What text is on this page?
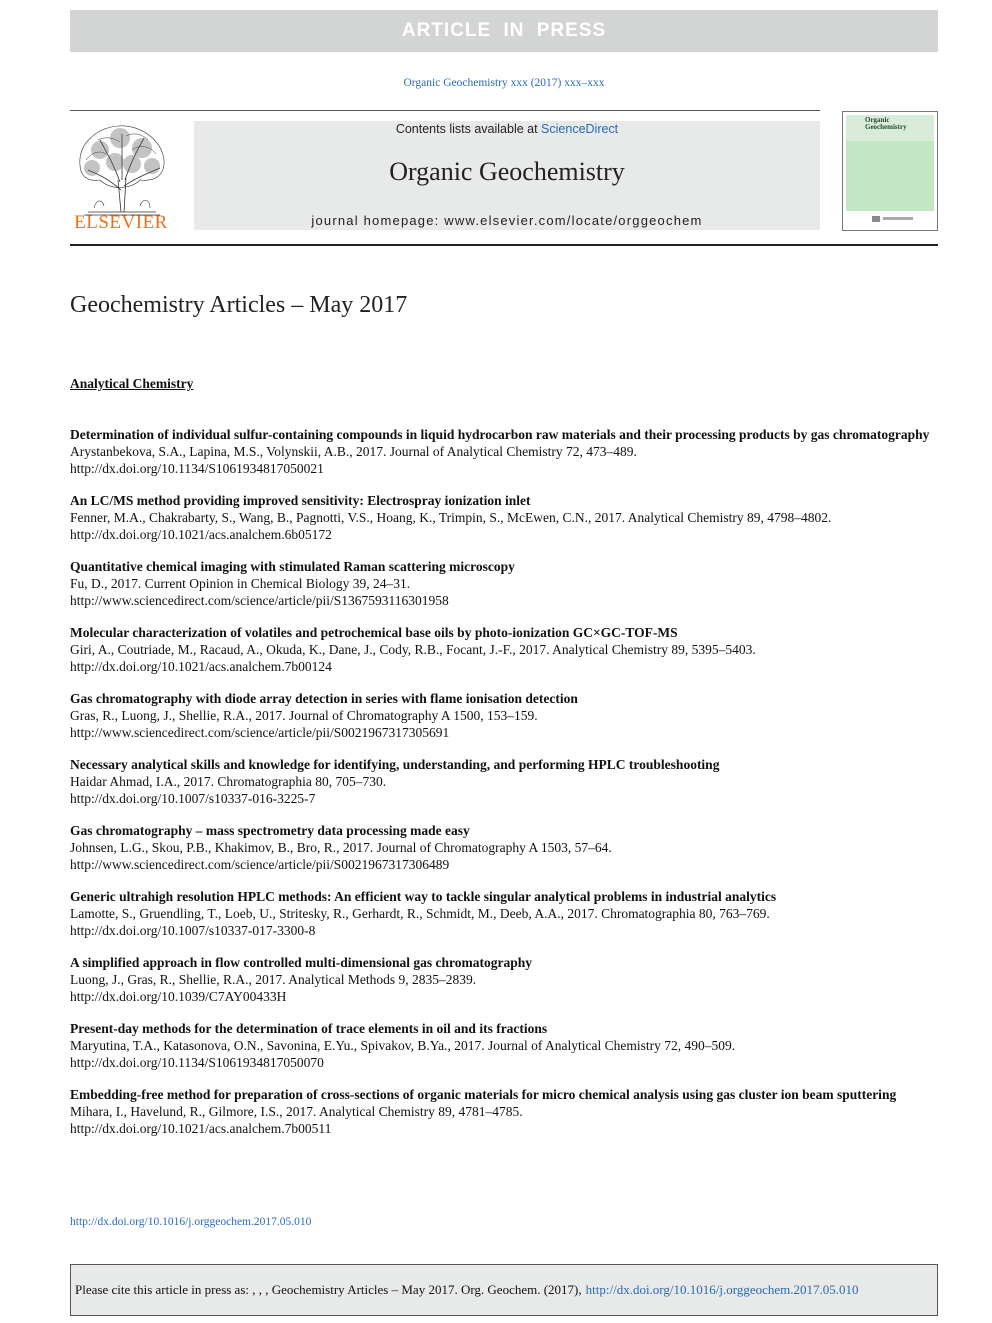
ARTICLE IN PRESS
Organic Geochemistry xxx (2017) xxx–xxx
ELSEVIER
Contents lists available at ScienceDirect
Organic Geochemistry
journal homepage: www.elsevier.com/locate/orggeochem
Organic
Geochemistry
Geochemistry Articles – May 2017
Analytical Chemistry
Determination of individual sulfur-containing compounds in liquid hydrocarbon raw materials and their processing products by gas chromatography
Arystanbekova, S.A., Lapina, M.S., Volynskii, A.B., 2017. Journal of Analytical Chemistry 72, 473–489.
http://dx.doi.org/10.1134/S1061934817050021
An LC/MS method providing improved sensitivity: Electrospray ionization inlet
Fenner, M.A., Chakrabarty, S., Wang, B., Pagnotti, V.S., Hoang, K., Trimpin, S., McEwen, C.N., 2017. Analytical Chemistry 89, 4798–4802.
http://dx.doi.org/10.1021/acs.analchem.6b05172
Quantitative chemical imaging with stimulated Raman scattering microscopy
Fu, D., 2017. Current Opinion in Chemical Biology 39, 24–31.
http://www.sciencedirect.com/science/article/pii/S1367593116301958
Molecular characterization of volatiles and petrochemical base oils by photo-ionization GC×GC-TOF-MS
Giri, A., Coutriade, M., Racaud, A., Okuda, K., Dane, J., Cody, R.B., Focant, J.-F., 2017. Analytical Chemistry 89, 5395–5403.
http://dx.doi.org/10.1021/acs.analchem.7b00124
Gas chromatography with diode array detection in series with flame ionisation detection
Gras, R., Luong, J., Shellie, R.A., 2017. Journal of Chromatography A 1500, 153–159.
http://www.sciencedirect.com/science/article/pii/S0021967317305691
Necessary analytical skills and knowledge for identifying, understanding, and performing HPLC troubleshooting
Haidar Ahmad, I.A., 2017. Chromatographia 80, 705–730.
http://dx.doi.org/10.1007/s10337-016-3225-7
Gas chromatography – mass spectrometry data processing made easy
Johnsen, L.G., Skou, P.B., Khakimov, B., Bro, R., 2017. Journal of Chromatography A 1503, 57–64.
http://www.sciencedirect.com/science/article/pii/S0021967317306489
Generic ultrahigh resolution HPLC methods: An efficient way to tackle singular analytical problems in industrial analytics
Lamotte, S., Gruendling, T., Loeb, U., Stritesky, R., Gerhardt, R., Schmidt, M., Deeb, A.A., 2017. Chromatographia 80, 763–769.
http://dx.doi.org/10.1007/s10337-017-3300-8
A simplified approach in flow controlled multi-dimensional gas chromatography
Luong, J., Gras, R., Shellie, R.A., 2017. Analytical Methods 9, 2835–2839.
http://dx.doi.org/10.1039/C7AY00433H
Present-day methods for the determination of trace elements in oil and its fractions
Maryutina, T.A., Katasonova, O.N., Savonina, E.Yu., Spivakov, B.Ya., 2017. Journal of Analytical Chemistry 72, 490–509.
http://dx.doi.org/10.1134/S1061934817050070
Embedding-free method for preparation of cross-sections of organic materials for micro chemical analysis using gas cluster ion beam sputtering
Mihara, I., Havelund, R., Gilmore, I.S., 2017. Analytical Chemistry 89, 4781–4785.
http://dx.doi.org/10.1021/acs.analchem.7b00511
http://dx.doi.org/10.1016/j.orggeochem.2017.05.010
Please cite this article in press as: , , , Geochemistry Articles – May 2017. Org. Geochem. (2017), http://dx.doi.org/10.1016/j.orggeochem.2017.05.010
